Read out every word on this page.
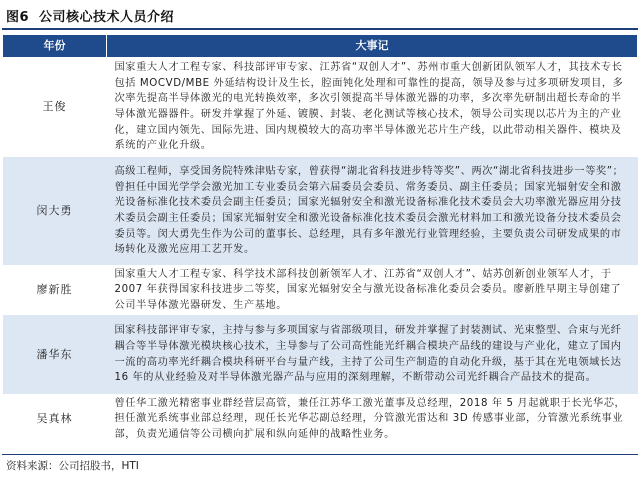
图6 公司核心技术人员介绍
年份	大事记
王俊	国家重大人才工程专家、科技部评审专家、江苏省“双创人才”、苏州市重大创新团队领军人才，其技术专长包括 MOCVD/MBE 外延结构设计及生长，腔面钝化处理和可靠性的提高，领导及参与过多项研发项目，多次率先提高半导体激光的电光转换效率，多次引领提高半导体激光器的功率，多次率先研制出超长寿命的半导体激光器器件。研发并掌握了外延、镀膜、封装、老化测试等核心技术，领导公司实现以芯片为主的产业化，建立国内领先、国际先进、国内规模较大的高功率半导体激光芯片生产线，以此带动相关器件、模块及系统的产业化升级。
闵大勇	高级工程师，享受国务院特殊津贴专家，曾获得“湖北省科技进步特等奖”、两次“湖北省科技进步一等奖”；曾担任中国光学学会激光加工专业委员会第六届委员会委员、常务委员、副主任委员；国家光辐射安全和激光设备标准化技术委员会副主任委员；国家光辐射安全和激光设备标准化技术委员会大功率激光器应用分技术委员会副主任委员；国家光辐射安全和激光设备标准化技术委员会激光材料加工和激光设备分技术委员会委员等。闵大勇先生作为公司的董事长、总经理，具有多年激光行业管理经验，主要负责公司研发成果的市场转化及激光应用工艺开发。
廖新胜	国家重大人才工程专家、科学技术部科技创新领军人才、江苏省“双创人才”、姑苏创新创业领军人才，于 2007 年获得国家科技进步二等奖，国家光辐射安全与激光设备标准化委员会委员。廖新胜早期主导创建了公司半导体激光器研发、生产基地。
潘华东	国家科技部评审专家，主持与参与多项国家与省部级项目，研发并掌握了封装测试、光束整型、合束与光纤耦合等半导体激光模块核心技术，主导参与了公司高性能光纤耦合模块产品线的建设与产业化，建立了国内一流的高功率光纤耦合模块科研平台与量产线，主持了公司生产制造的自动化升级，基于其在光电领域长达 16 年的从业经验及对半导体激光器产品与应用的深刻理解，不断带动公司光纤耦合产品技术的提高。
吴真林	曾任华工激光精密事业群经营层高管，兼任江苏华工激光董事及总经理，2018 年 5 月起就职于长光华芯，担任激光系统事业部总经理，现任长光华芯副总经理，分管激光雷达和 3D 传感事业部，分管激光系统事业部，负责光通信等公司横向扩展和纵向延伸的战略性业务。
资料来源：公司招股书，HTI
